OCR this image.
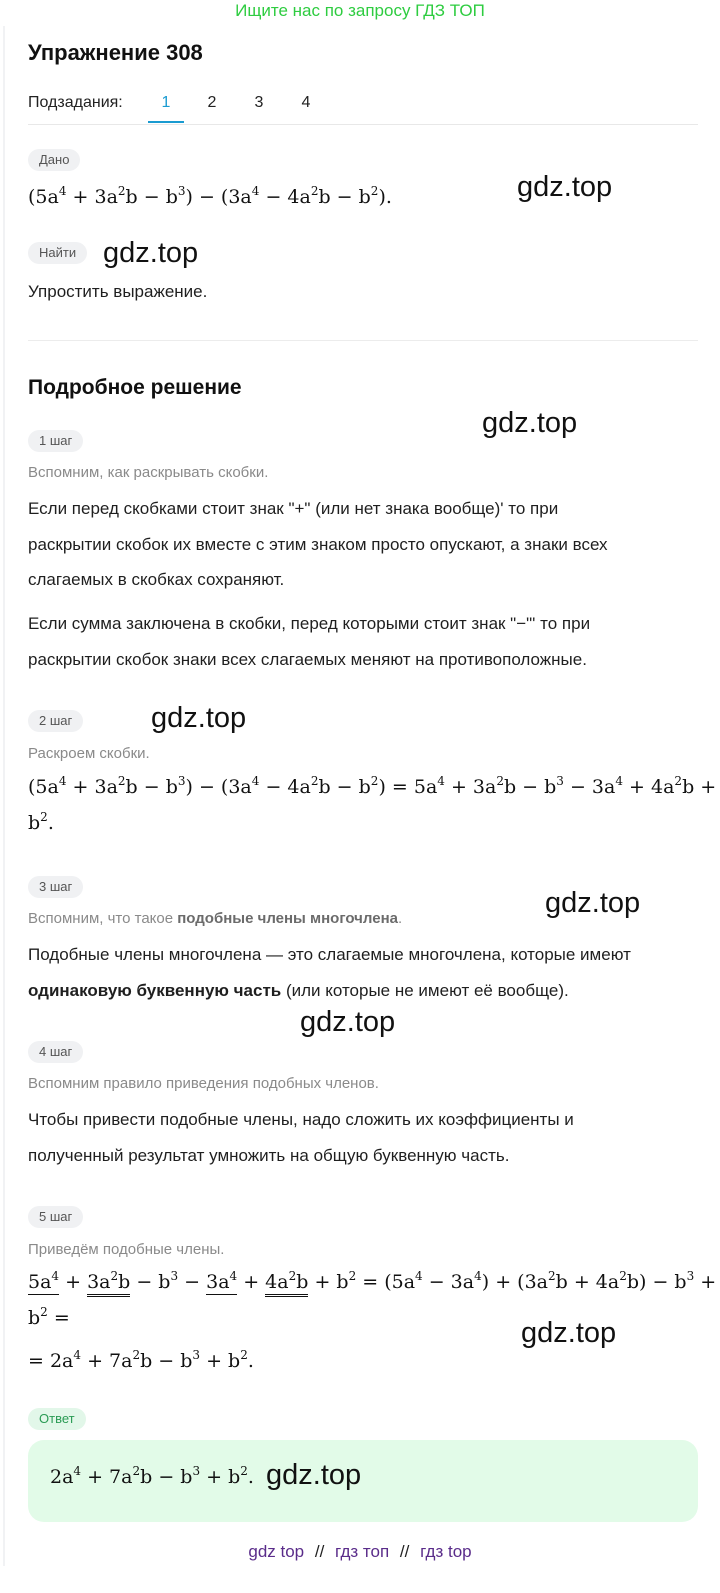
Ищите нас по запросу ГДЗ ТОП
Упражнение 308
Подзадания:	1	2	3	4
Дано
$(5a^4 + 3a^2b - b^3) - (3a^4 - 4a^2b - b^2)$.
Найти
Упростить выражение.
Подробное решение
1 шаг
Вспомним, как раскрывать скобки.
Если перед скобками стоит знак "+" (или нет знака вообще)' то при
раскрытии скобок их вместе с этим знаком просто опускают, а знаки всех
слагаемых в скобках сохраняют.
Если сумма заключена в скобки, перед которыми стоит знак "−"' то при
раскрытии скобок знаки всех слагаемых меняют на противоположные.
2 шаг
Раскроем скобки.
$(5a^4 + 3a^2b - b^3) - (3a^4 - 4a^2b - b^2) = 5a^4 + 3a^2b - b^3 - 3a^4 + 4a^2b$ +
$b^2$.
3 шаг
Вспомним, что такое подобные члены многочлена.
Подобные члены многочлена — это слагаемые многочлена, которые имеют
одинаковую буквенную часть (или которые не имеют её вообще).
4 шаг
Вспомним правило приведения подобных членов.
Чтобы привести подобные члены, надо сложить их коэффициенты и
полученный результат умножить на общую буквенную часть.
5 шаг
Приведём подобные члены.
$5a^4 + 3a^2b - b^3 - 3a^4 + 4a^2b + b^2 = (5a^4 - 3a^4) + (3a^2b + 4a^2b) - b^3$ +
$b^2$ =
= $2a^4 + 7a^2b - b^3 + b^2$.
Ответ
$2a^4 + 7a^2b - b^3 + b^2$.
gdz.top
gdz.top
gdz.top
gdz.top
gdz.top
gdz.top
gdz.top
gdz.top
gdz top // гдз топ // гдз top
